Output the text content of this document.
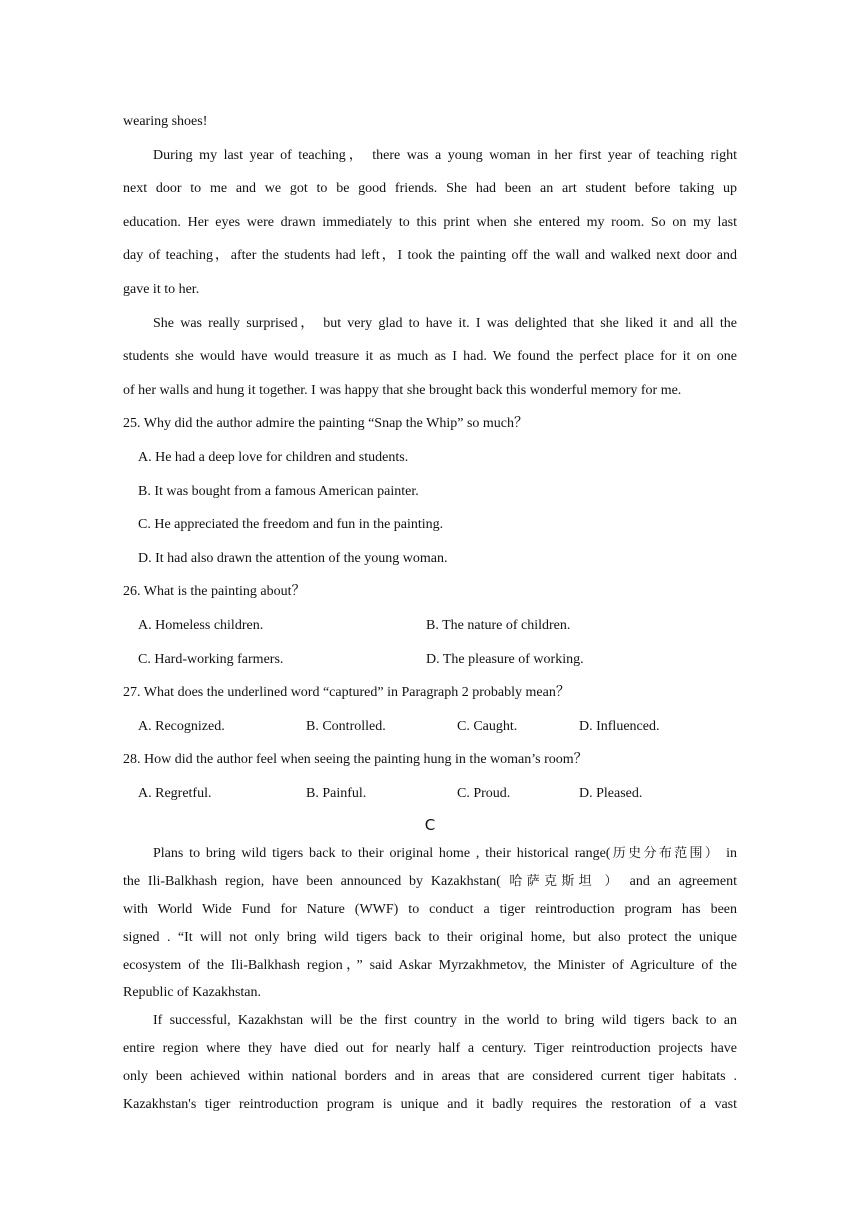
wearing shoes!
During my last year of teaching， there was a young woman in her first year of teaching right
next door to me and we got to be good friends. She had been an art student before taking up
education. Her eyes were drawn immediately to this print when she entered my room. So on my last
day of teaching，after the students had left，I took the painting off the wall and walked next door and
gave it to her.
She was really surprised， but very glad to have it. I was delighted that she liked it and all the
students she would have would treasure it as much as I had. We found the perfect place for it on one
of her walls and hung it together. I was happy that she brought back this wonderful memory for me.
25. Why did the author admire the painting “Snap the Whip” so much？
A. He had a deep love for children and students.
B. It was bought from a famous American painter.
C. He appreciated the freedom and fun in the painting.
D. It had also drawn the attention of the young woman.
26. What is the painting about？
A. Homeless children.	B. The nature of children.
C. Hard-working farmers.	D. The pleasure of working.
27. What does the underlined word “captured” in Paragraph 2 probably mean？
A. Recognized.	B. Controlled.	C. Caught.	D. Influenced.
28. How did the author feel when seeing the painting hung in the woman’s room？
A. Regretful.	B. Painful.	C. Proud.	D. Pleased.
C
Plans to bring wild tigers back to their original home , their historical range(历史分布范围） in
the Ili-Balkhash region, have been announced by Kazakhstan( 哈萨克斯坦 ） and an agreement
with World Wide Fund for Nature (WWF) to conduct a tiger reintroduction program has been
signed . “It will not only bring wild tigers back to their original home, but also protect the unique
ecosystem of the Ili-Balkhash region，” said Askar Myrzakhmetov, the Minister of Agriculture of the
Republic of Kazakhstan.
If successful, Kazakhstan will be the first country in the world to bring wild tigers back to an
entire region where they have died out for nearly half a century. Tiger reintroduction projects have
only been achieved within national borders and in areas that are considered current tiger habitats .
Kazakhstan's tiger reintroduction program is unique and it badly requires the restoration of a vast
